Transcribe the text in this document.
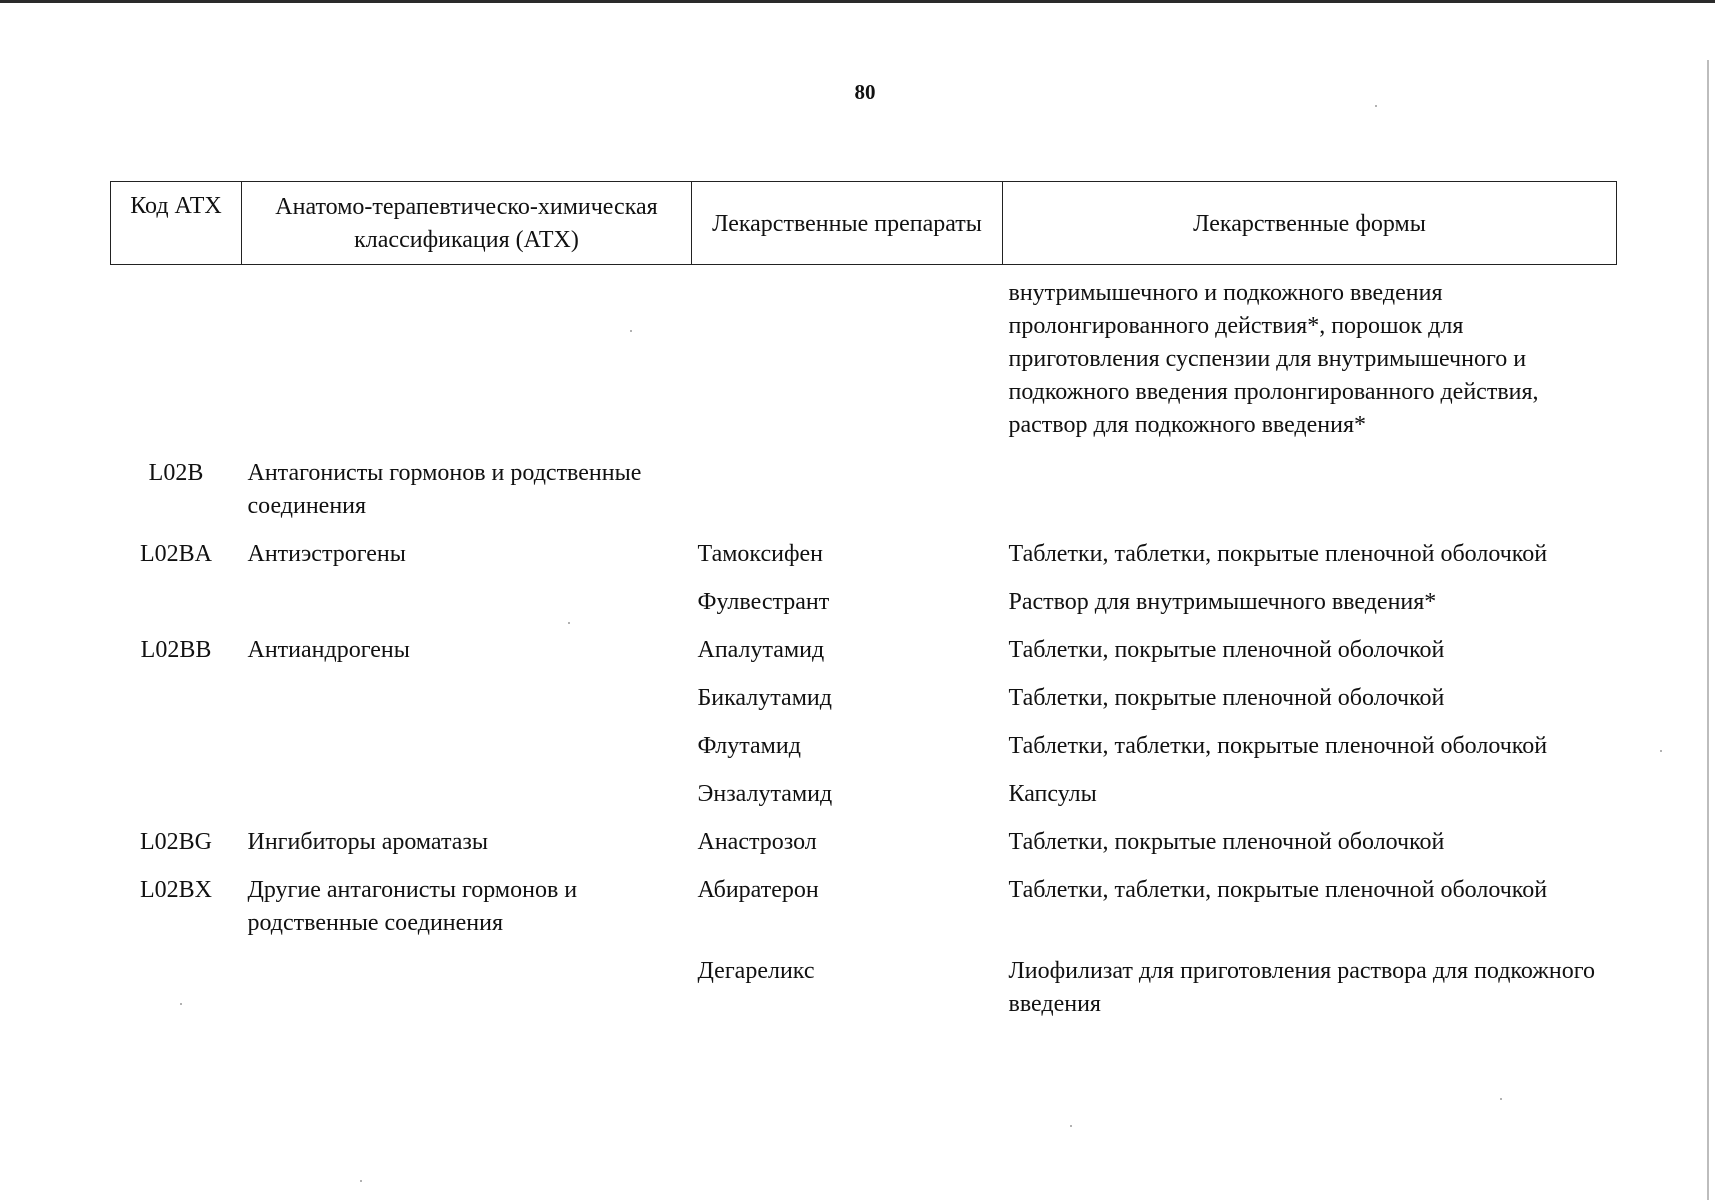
80
Код АТХ	Анатомо-терапевтическо-химическая классификация (АТХ)	Лекарственные препараты	Лекарственные формы
			внутримышечного и подкожного введения пролонгированного действия*, порошок для приготовления суспензии для внутримышечного и подкожного введения пролонгированного действия, раствор для подкожного введения*
L02B	Антагонисты гормонов и родственные соединения		
L02BA	Антиэстрогены	Тамоксифен	Таблетки, таблетки, покрытые пленочной оболочкой
		Фулвестрант	Раствор для внутримышечного введения*
L02BB	Антиандрогены	Апалутамид	Таблетки, покрытые пленочной оболочкой
		Бикалутамид	Таблетки, покрытые пленочной оболочкой
		Флутамид	Таблетки, таблетки, покрытые пленочной оболочкой
		Энзалутамид	Капсулы
L02BG	Ингибиторы ароматазы	Анастрозол	Таблетки, покрытые пленочной оболочкой
L02BX	Другие антагонисты гормонов и родственные соединения	Абиратерон	Таблетки, таблетки, покрытые пленочной оболочкой
		Дегареликс	Лиофилизат для приготовления раствора для подкожного введения
